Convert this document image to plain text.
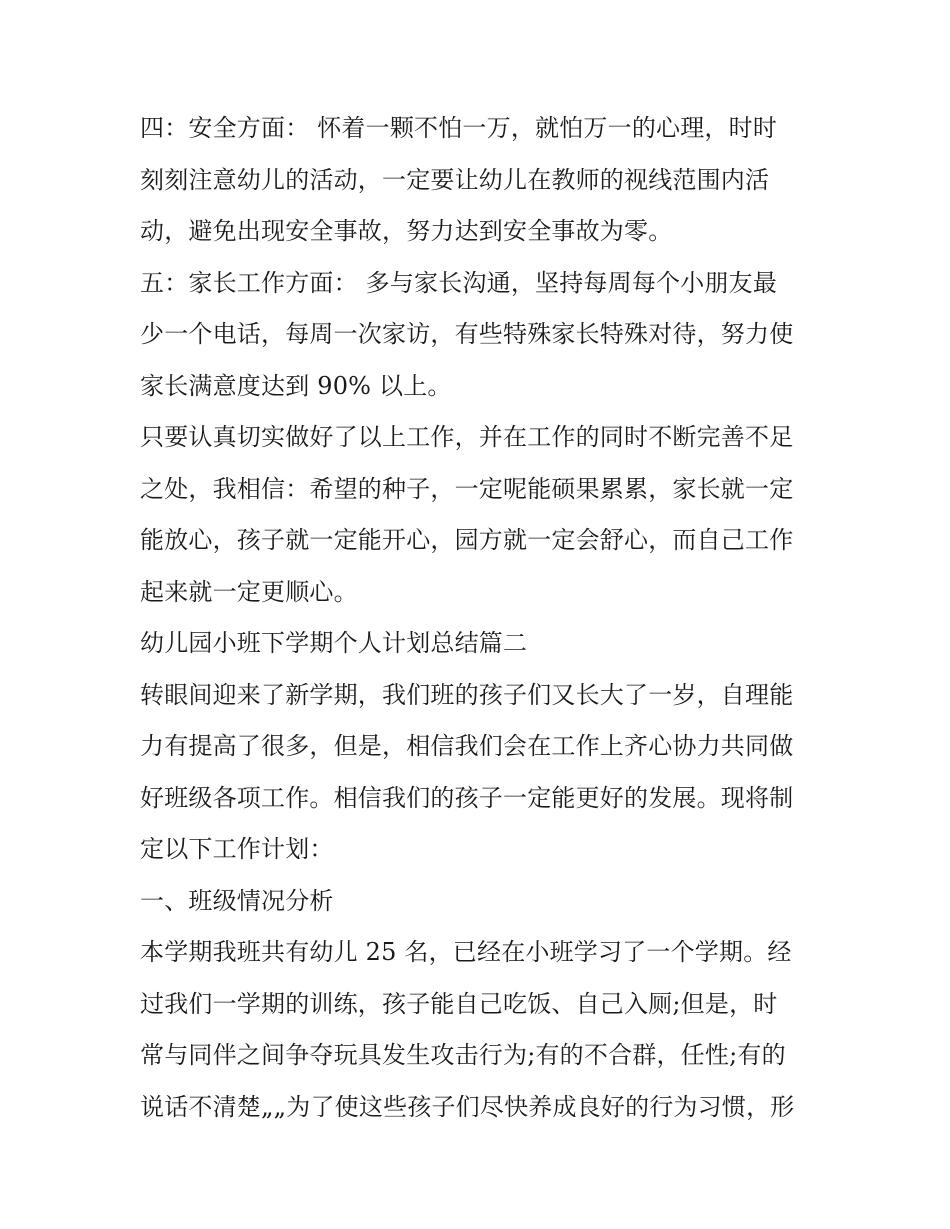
四：安全方面： 怀着一颗不怕一万，就怕万一的心理，时时
刻刻注意幼儿的活动，一定要让幼儿在教师的视线范围内活
动，避免出现安全事故，努力达到安全事故为零。
五：家长工作方面： 多与家长沟通，坚持每周每个小朋友最
少一个电话，每周一次家访，有些特殊家长特殊对待，努力使
家长满意度达到 90% 以上。
只要认真切实做好了以上工作，并在工作的同时不断完善不足
之处，我相信：希望的种子，一定呢能硕果累累，家长就一定
能放心，孩子就一定能开心，园方就一定会舒心，而自己工作
起来就一定更顺心。
幼儿园小班下学期个人计划总结篇二
转眼间迎来了新学期，我们班的孩子们又长大了一岁，自理能
力有提高了很多，但是，相信我们会在工作上齐心协力共同做
好班级各项工作。相信我们的孩子一定能更好的发展。现将制
定以下工作计划：
一、班级情况分析
本学期我班共有幼儿 25 名，已经在小班学习了一个学期。经
过我们一学期的训练，孩子能自己吃饭、自己入厕;但是，时
常与同伴之间争夺玩具发生攻击行为;有的不合群，任性;有的
说话不清楚„„为了使这些孩子们尽快养成良好的行为习惯，形
